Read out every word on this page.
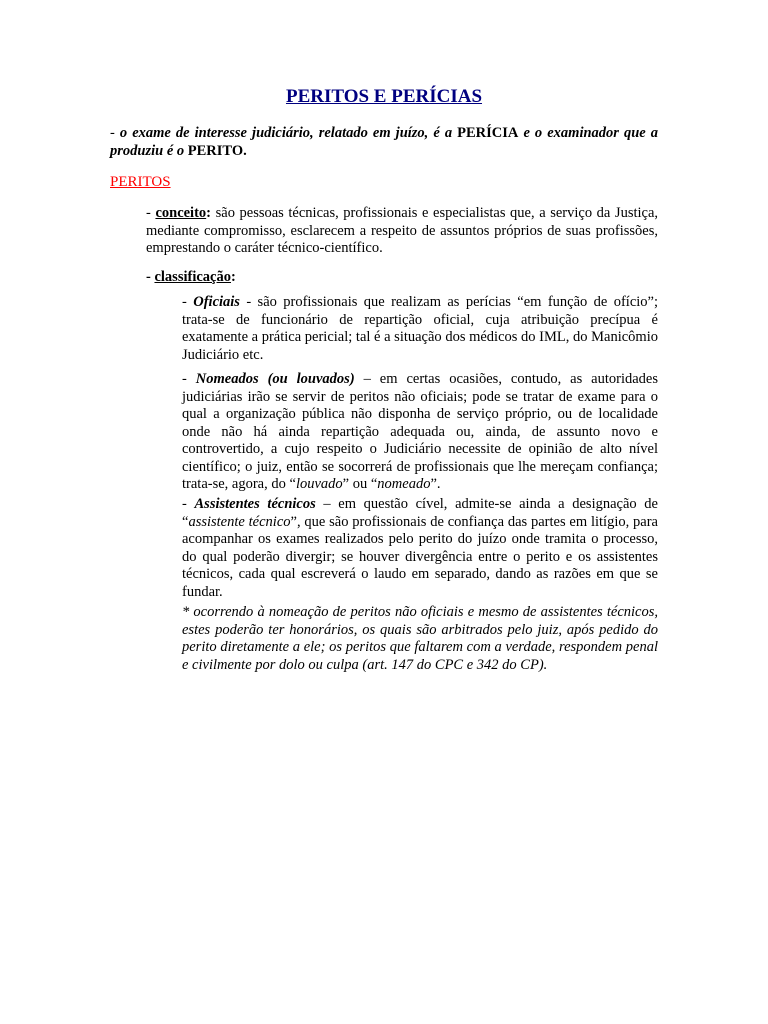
PERITOS E PERÍCIAS
- o exame de interesse judiciário, relatado em juízo, é a PERÍCIA e o examinador que a produziu é o PERITO.
PERITOS
- conceito: são pessoas técnicas, profissionais e especialistas que, a serviço da Justiça, mediante compromisso, esclarecem a respeito de assuntos próprios de suas profissões, emprestando o caráter técnico-científico.
- classificação:
- Oficiais - são profissionais que realizam as perícias “em função de ofício”; trata-se de funcionário de repartição oficial, cuja atribuição precípua é exatamente a prática pericial; tal é a situação dos médicos do IML, do Manicômio Judiciário etc.
- Nomeados (ou louvados) – em certas ocasiões, contudo, as autoridades judiciárias irão se servir de peritos não oficiais; pode se tratar de exame para o qual a organização pública não disponha de serviço próprio, ou de localidade onde não há ainda repartição adequada ou, ainda, de assunto novo e controvertido, a cujo respeito o Judiciário necessite de opinião de alto nível científico; o juiz, então se socorrerá de profissionais que lhe mereçam confiança; trata-se, agora, do “louvado” ou “nomeado”.
- Assistentes técnicos – em questão cível, admite-se ainda a designação de “assistente técnico”, que são profissionais de confiança das partes em litígio, para acompanhar os exames realizados pelo perito do juízo onde tramita o processo, do qual poderão divergir; se houver divergência entre o perito e os assistentes técnicos, cada qual escreverá o laudo em separado, dando as razões em que se fundar.
* ocorrendo à nomeação de peritos não oficiais e mesmo de assistentes técnicos, estes poderão ter honorários, os quais são arbitrados pelo juiz, após pedido do perito diretamente a ele; os peritos que faltarem com a verdade, respondem penal e civilmente por dolo ou culpa (art. 147 do CPC e 342 do CP).
